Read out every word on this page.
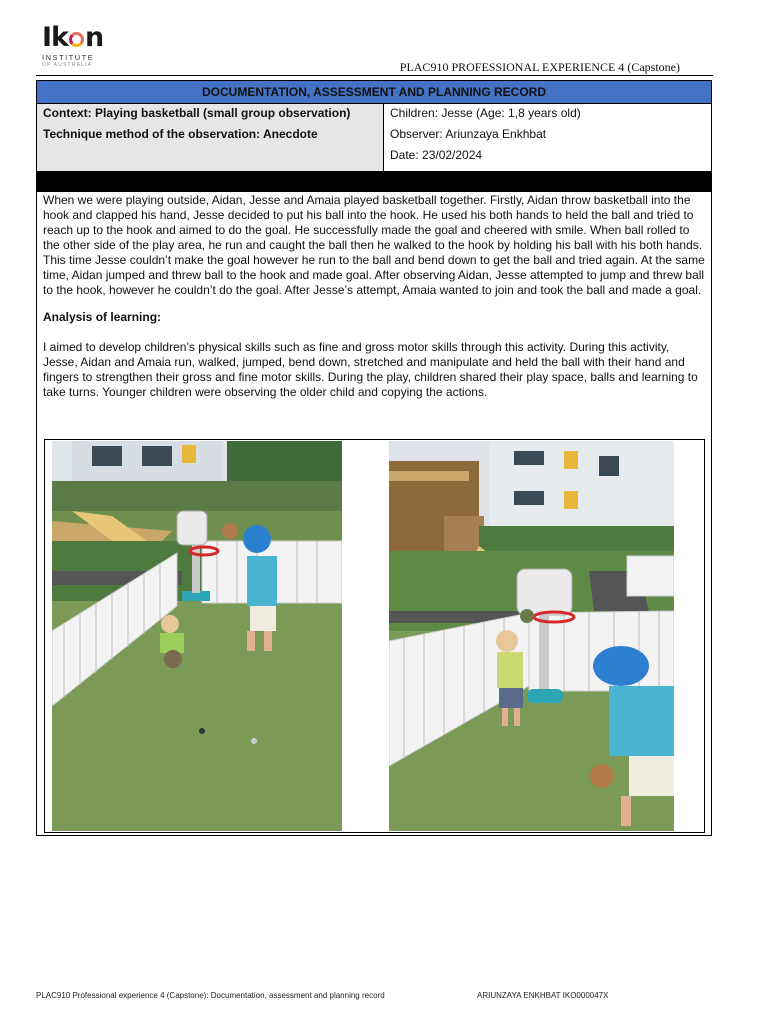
Ik n
INSTITUTE
OF AUSTRALIA	PLAC910 PROFESSIONAL EXPERIENCE 4 (Capstone)
DOCUMENTATION, ASSESSMENT AND PLANNING RECORD
Context: Playing basketball (small group observation)
Technique method of the observation: Anecdote
Children: Jesse (Age: 1,8 years old)
Observer: Ariunzaya Enkhbat
Date: 23/02/2024

When we were playing outside, Aidan, Jesse and Amaia played basketball together. Firstly, Aidan throw basketball into the hook and clapped his hand, Jesse decided to put his ball into the hook. He used his both hands to held the ball and tried to reach up to the hook and aimed to do the goal. He successfully made the goal and cheered with smile. When ball rolled to the other side of the play area, he run and caught the ball then he walked to the hook by holding his ball with his both hands. This time Jesse couldn’t make the goal however he run to the ball and bend down to get the ball and tried again. At the same time, Aidan jumped and threw ball to the hook and made goal. After observing Aidan, Jesse attempted to jump and threw ball to the hook, however he couldn’t do the goal. After Jesse’s attempt, Amaia wanted to join and took the ball and made a goal.

Analysis of learning:

I aimed to develop children’s physical skills such as fine and gross motor skills through this activity. During this activity, Jesse, Aidan and Amaia run, walked, jumped, bend down, stretched and manipulate and held the ball with their hand and fingers to strengthen their gross and fine motor skills. During the play, children shared their play space, balls and learning to take turns. Younger children were observing the older child and copying the actions.

PLAC910 Professional experience 4 (Capstone): Documentation, assessment and planning record	ARIUNZAYA ENKHBAT IKO000047X
